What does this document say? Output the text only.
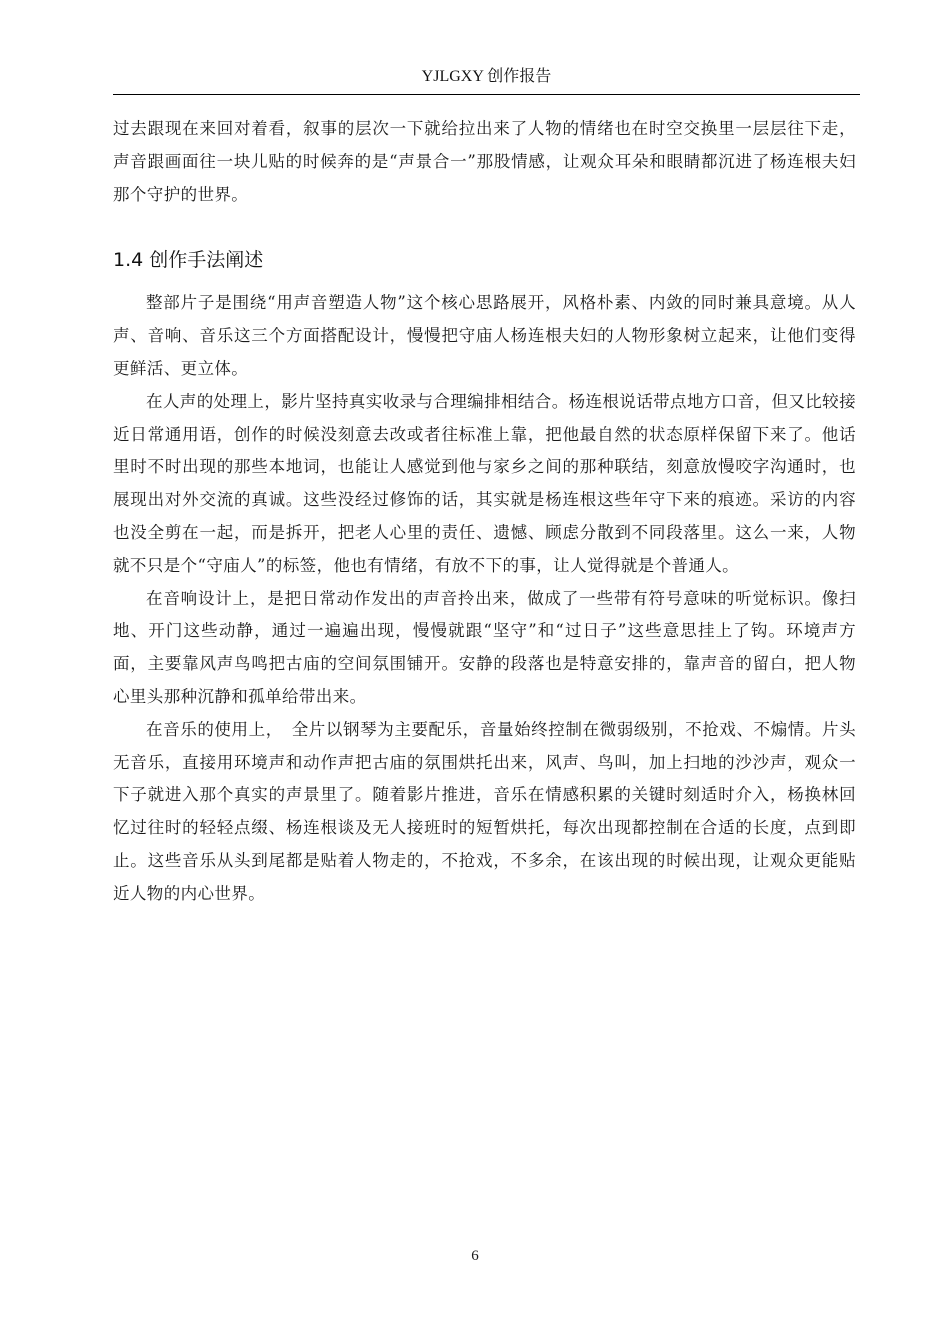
YJLGXY 创作报告

过去跟现在来回对着看，叙事的层次一下就给拉出来了人物的情绪也在时空交换里一层层往下走，声音跟画面往一块儿贴的时候奔的是“声景合一”那股情感，让观众耳朵和眼睛都沉进了杨连根夫妇那个守护的世界。

1.4 创作手法阐述

整部片子是围绕“用声音塑造人物”这个核心思路展开，风格朴素、内敛的同时兼具意境。从人声、音响、音乐这三个方面搭配设计，慢慢把守庙人杨连根夫妇的人物形象树立起来，让他们变得更鲜活、更立体。

在人声的处理上，影片坚持真实收录与合理编排相结合。杨连根说话带点地方口音，但又比较接近日常通用语，创作的时候没刻意去改或者往标准上靠，把他最自然的状态原样保留下来了。他话里时不时出现的那些本地词，也能让人感觉到他与家乡之间的那种联结，刻意放慢咬字沟通时，也展现出对外交流的真诚。这些没经过修饰的话，其实就是杨连根这些年守下来的痕迹。采访的内容也没全剪在一起，而是拆开，把老人心里的责任、遗憾、顾虑分散到不同段落里。这么一来，人物就不只是个“守庙人”的标签，他也有情绪，有放不下的事，让人觉得就是个普通人。

在音响设计上，是把日常动作发出的声音拎出来，做成了一些带有符号意味的听觉标识。像扫地、开门这些动静，通过一遍遍出现，慢慢就跟“坚守”和“过日子”这些意思挂上了钩。环境声方面，主要靠风声鸟鸣把古庙的空间氛围铺开。安静的段落也是特意安排的，靠声音的留白，把人物心里头那种沉静和孤单给带出来。

在音乐的使用上，　全片以钢琴为主要配乐，音量始终控制在微弱级别，不抢戏、不煽情。片头无音乐，直接用环境声和动作声把古庙的氛围烘托出来，风声、鸟叫，加上扫地的沙沙声，观众一下子就进入那个真实的声景里了。随着影片推进，音乐在情感积累的关键时刻适时介入，杨换林回忆过往时的轻轻点缀、杨连根谈及无人接班时的短暂烘托，每次出现都控制在合适的长度，点到即止。这些音乐从头到尾都是贴着人物走的，不抢戏，不多余，在该出现的时候出现，让观众更能贴近人物的内心世界。

6
